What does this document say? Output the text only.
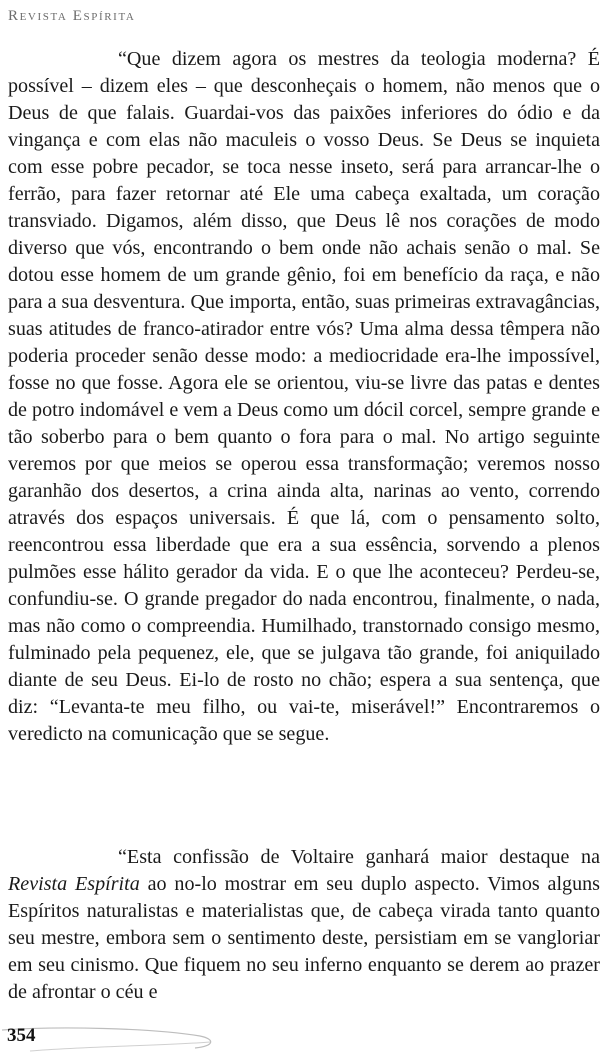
Revista Espírita

“Que dizem agora os mestres da teologia moderna? É possível – dizem eles – que desconheçais o homem, não menos que o Deus de que falais. Guardai-vos das paixões inferiores do ódio e da vingança e com elas não maculeis o vosso Deus. Se Deus se inquieta com esse pobre pecador, se toca nesse inseto, será para arrancar-lhe o ferrão, para fazer retornar até Ele uma cabeça exaltada, um coração transviado. Digamos, além disso, que Deus lê nos corações de modo diverso que vós, encontrando o bem onde não achais senão o mal. Se dotou esse homem de um grande gênio, foi em benefício da raça, e não para a sua desventura. Que importa, então, suas primeiras extravagâncias, suas atitudes de franco-atirador entre vós? Uma alma dessa têmpera não poderia proceder senão desse modo: a mediocridade era-lhe impossível, fosse no que fosse. Agora ele se orientou, viu-se livre das patas e dentes de potro indomável e vem a Deus como um dócil corcel, sempre grande e tão soberbo para o bem quanto o fora para o mal. No artigo seguinte veremos por que meios se operou essa transformação; veremos nosso garanhão dos desertos, a crina ainda alta, narinas ao vento, correndo através dos espaços universais. É que lá, com o pensamento solto, reencontrou essa liberdade que era a sua essência, sorvendo a plenos pulmões esse hálito gerador da vida. E o que lhe aconteceu? Perdeu-se, confundiu-se. O grande pregador do nada encontrou, finalmente, o nada, mas não como o compreendia. Humilhado, transtornado consigo mesmo, fulminado pela pequenez, ele, que se julgava tão grande, foi aniquilado diante de seu Deus. Ei-lo de rosto no chão; espera a sua sentença, que diz: “Levanta-te meu filho, ou vai-te, miserável!” Encontraremos o veredicto na comunicação que se segue.

“Esta confissão de Voltaire ganhará maior destaque na Revista Espírita ao no-lo mostrar em seu duplo aspecto. Vimos alguns Espíritos naturalistas e materialistas que, de cabeça virada tanto quanto seu mestre, embora sem o sentimento deste, persistiam em se vangloriar em seu cinismo. Que fiquem no seu inferno enquanto se derem ao prazer de afrontar o céu e

354
